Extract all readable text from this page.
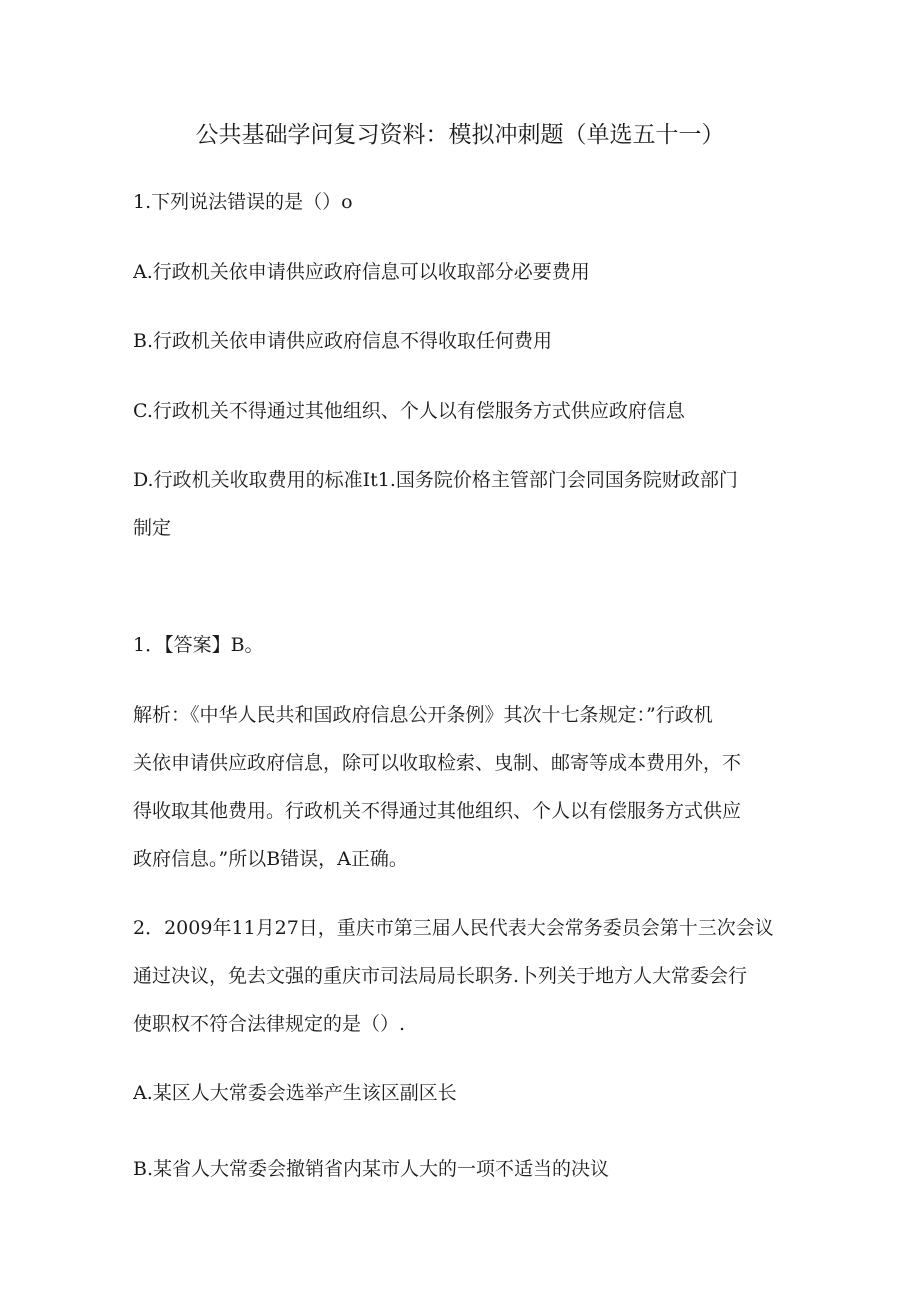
公共基础学问复习资料：模拟冲刺题（单选五十一）
1.下列说法错误的是（）o
A.行政机关依申请供应政府信息可以收取部分必要费用
B.行政机关依申请供应政府信息不得收取任何费用
C.行政机关不得通过其他组织、个人以有偿服务方式供应政府信息
D.行政机关收取费用的标准It1.国务院价格主管部门会同国务院财政部门
制定
1．【答案】B。
解析：《中华人民共和国政府信息公开条例》其次十七条规定：”行政机
关依申请供应政府信息，除可以收取检索、曳制、邮寄等成本费用外，不
得收取其他费用。行政机关不得通过其他组织、个人以有偿服务方式供应
政府信息。”所以B错误，A正确。
2．2009年11月27日，重庆市第三届人民代表大会常务委员会第十三次会议
通过决议，免去文强的重庆市司法局局长职务.卜列关于地方人大常委会行
使职权不符合法律规定的是（）.
A.某区人大常委会选举产生该区副区长
B.某省人大常委会撤销省内某市人大的一项不适当的决议
